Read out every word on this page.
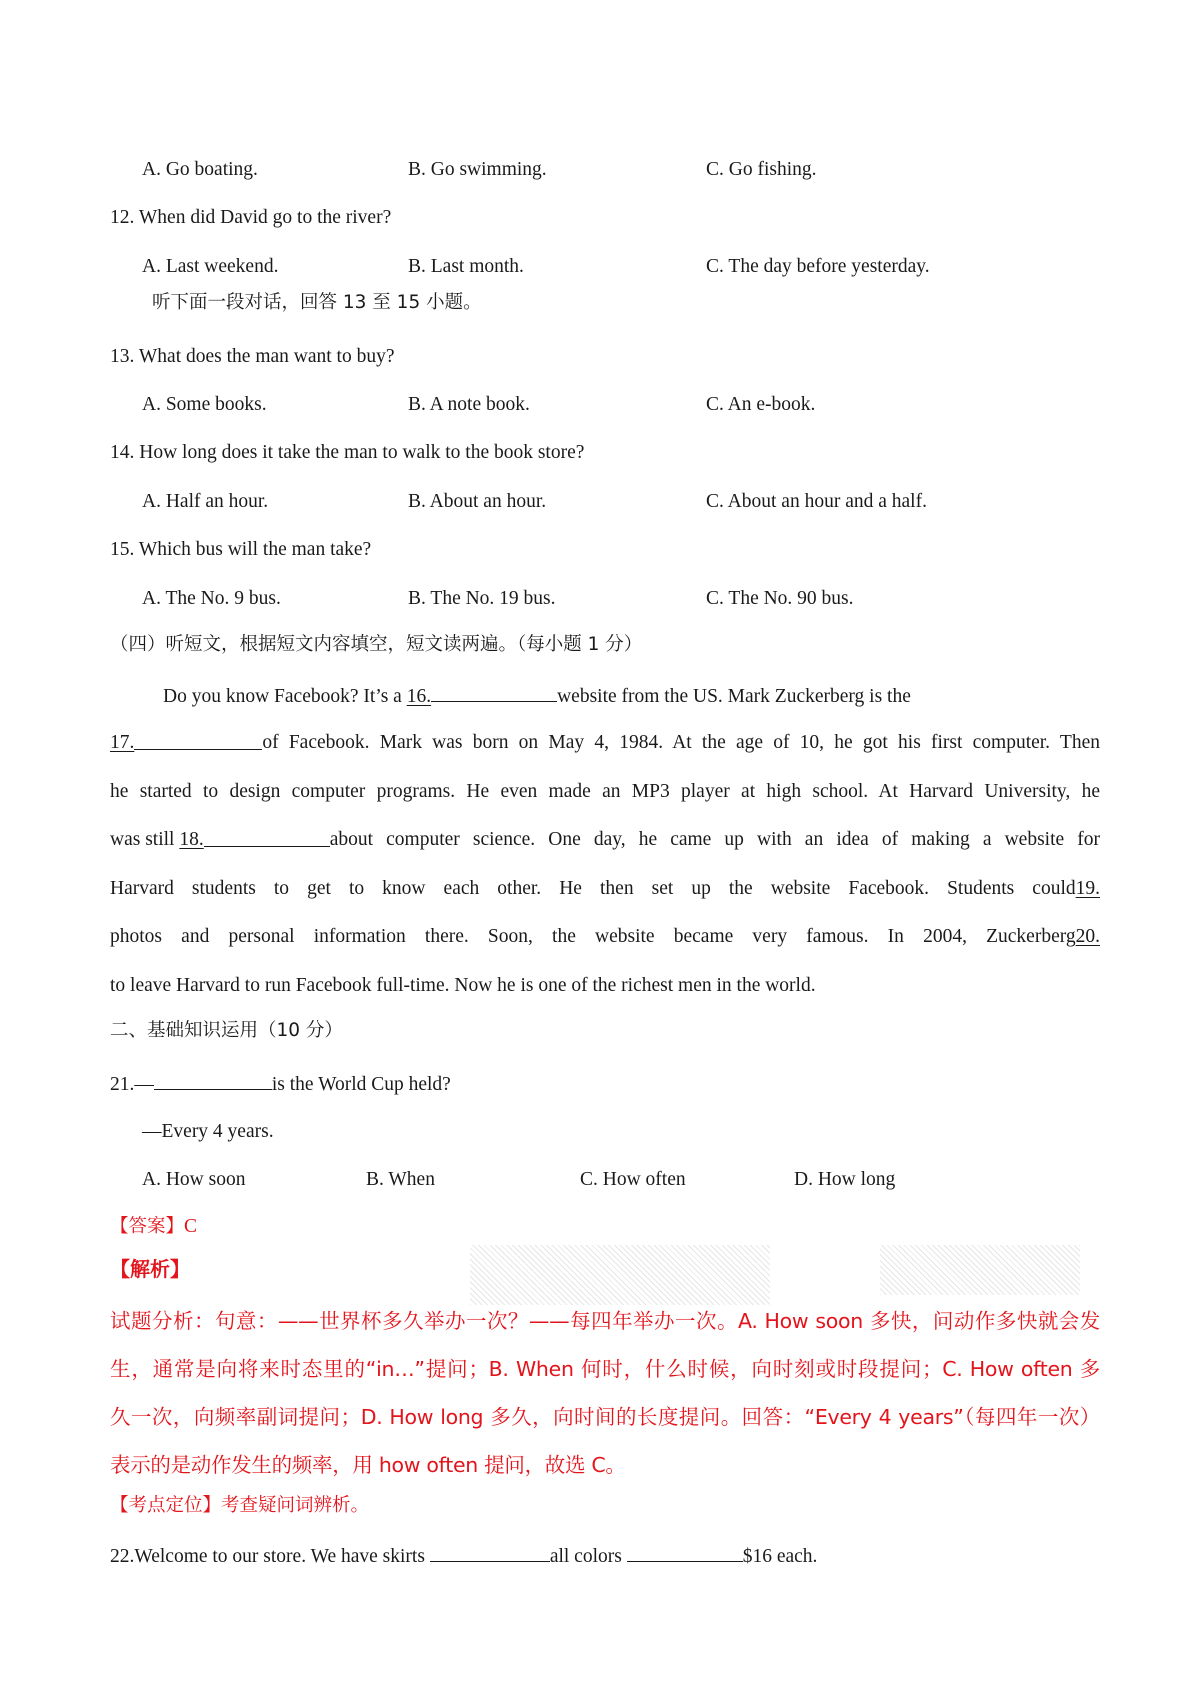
A. Go boating.	B. Go swimming.	C. Go fishing.
12. When did David go to the river?
A. Last weekend.	B. Last month.	C. The day before yesterday.
听下面一段对话，回答 13 至 15 小题。
13. What does the man want to buy?
A. Some books.	B. A note book.	C. An e-book.
14. How long does it take the man to walk to the book store?
A. Half an hour.	B. About an hour.	C. About an hour and a half.
15. Which bus will the man take?
A. The No. 9 bus.	B. The No. 19 bus.	C. The No. 90 bus.
（四）听短文，根据短文内容填空，短文读两遍。（每小题 1 分）
Do you know Facebook? It’s a 16.	website from the US. Mark Zuckerberg is the
17.	of Facebook. Mark was born on May 4, 1984. At the age of 10, he got his first computer. Then
he started to design computer programs. He even made an MP3 player at high school. At Harvard University, he
was still 18.	about computer science. One day, he came up with an idea of making a website for
Harvard students to get to know each other. He then set up the website Facebook. Students could 19.
photos and personal information there. Soon, the website became very famous. In 2004, Zuckerberg 20.
to leave Harvard to run Facebook full-time. Now he is one of the richest men in the world.
二、基础知识运用（10 分）
21.—	is the World Cup held?
—Every 4 years.
A. How soon	B. When	C. How often	D. How long
【答案】C
【解析】
试题分析：句意：——世界杯多久举办一次？——每四年举办一次。A. How soon 多快，问动作多快就会发
生，通常是向将来时态里的“in…”提问；B. When 何时，什么时候，向时刻或时段提问；C. How often 多
久一次，向频率副词提问；D. How long 多久，向时间的长度提问。回答：“Every 4 years”（每四年一次）
表示的是动作发生的频率，用 how often 提问，故选 C。
【考点定位】考查疑问词辨析。
22.Welcome to our store. We have skirts	all colors	$16 each.
